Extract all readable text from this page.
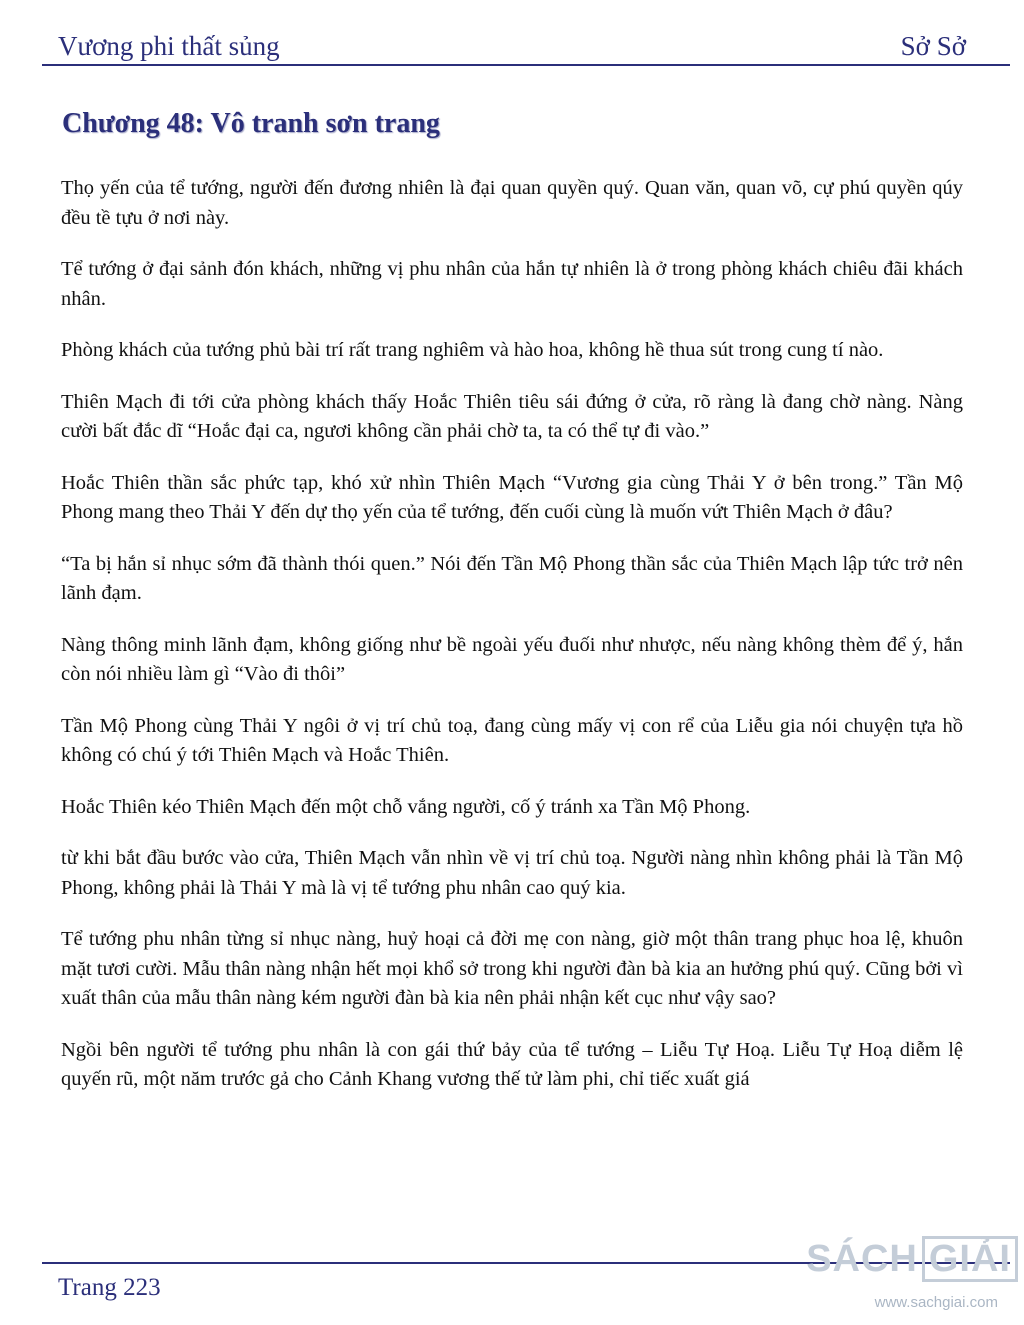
Vương phi thất sủng	Sở Sở
Chương 48: Vô tranh sơn trang

Thọ yến của tể tướng, người đến đương nhiên là đại quan quyền quý. Quan văn, quan võ, cự phú quyền qúy đều tề tựu ở nơi này.

Tể tướng ở đại sảnh đón khách, những vị phu nhân của hắn tự nhiên là ở trong phòng khách chiêu đãi khách nhân.

Phòng khách của tướng phủ bài trí rất trang nghiêm và hào hoa, không hề thua sút trong cung tí nào.

Thiên Mạch đi tới cửa phòng khách thấy Hoắc Thiên tiêu sái đứng ở cửa, rõ ràng là đang chờ nàng. Nàng cười bất đắc dĩ “Hoắc đại ca, ngươi không cần phải chờ ta, ta có thể tự đi vào.”

Hoắc Thiên thần sắc phức tạp, khó xử nhìn Thiên Mạch “Vương gia cùng Thải Y ở bên trong.” Tần Mộ Phong mang theo Thải Y đến dự thọ yến của tể tướng, đến cuối cùng là muốn vứt Thiên Mạch ở đâu?

“Ta bị hắn sỉ nhục sớm đã thành thói quen.” Nói đến Tần Mộ Phong thần sắc của Thiên Mạch lập tức trở nên lãnh đạm.

Nàng thông minh lãnh đạm, không giống như bề ngoài yếu đuối như nhược, nếu nàng không thèm để ý, hắn còn nói nhiều làm gì “Vào đi thôi”

Tần Mộ Phong cùng Thải Y ngôi ở vị trí chủ toạ, đang cùng mấy vị con rể của Liễu gia nói chuyện tựa hồ không có chú ý tới Thiên Mạch và Hoắc Thiên.

Hoắc Thiên kéo Thiên Mạch đến một chỗ vắng người, cố ý tránh xa Tần Mộ Phong.

từ khi bắt đầu bước vào cửa, Thiên Mạch vẫn nhìn về vị trí chủ toạ. Người nàng nhìn không phải là Tần Mộ Phong, không phải là Thải Y mà là vị tể tướng phu nhân cao quý kia.

Tể tướng phu nhân từng sỉ nhục nàng, huỷ hoại cả đời mẹ con nàng, giờ một thân trang phục hoa lệ, khuôn mặt tươi cười. Mẫu thân nàng nhận hết mọi khổ sở trong khi người đàn bà kia an hưởng phú quý. Cũng bởi vì xuất thân của mẫu thân nàng kém người đàn bà kia nên phải nhận kết cục như vậy sao?

Ngồi bên người tể tướng phu nhân là con gái thứ bảy của tể tướng – Liễu Tự Hoạ. Liễu Tự Hoạ diễm lệ quyến rũ, một năm trước gả cho Cảnh Khang vương thế tử làm phi, chỉ tiếc xuất giá

Trang 223
SÁCH GIẢI
www.sachgiai.com
